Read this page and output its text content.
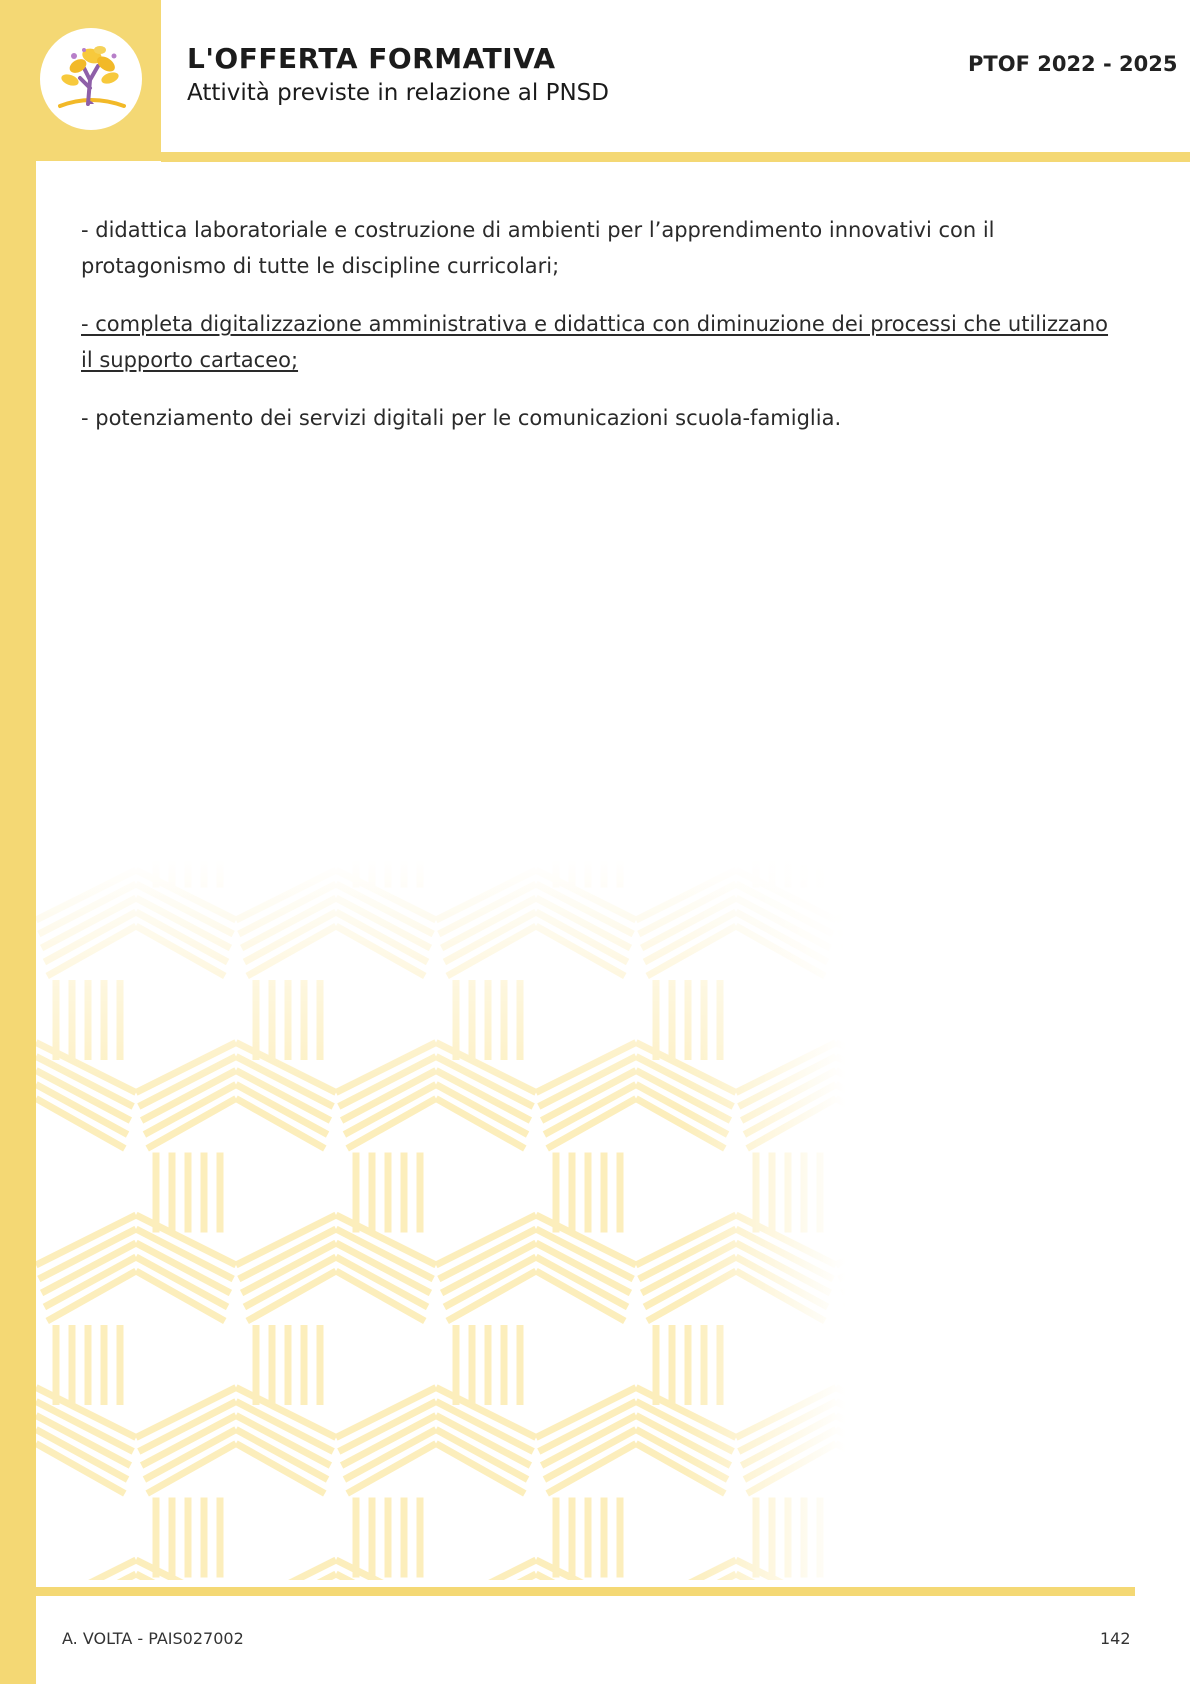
L'OFFERTA FORMATIVA
Attività previste in relazione al PNSD
PTOF 2022 - 2025

- didattica laboratoriale e costruzione di ambienti per l’apprendimento innovativi con il protagonismo di tutte le discipline curricolari;

- completa digitalizzazione amministrativa e didattica con diminuzione dei processi che utilizzano il supporto cartaceo;

- potenziamento dei servizi digitali per le comunicazioni scuola-famiglia.

A. VOLTA - PAIS027002	142
